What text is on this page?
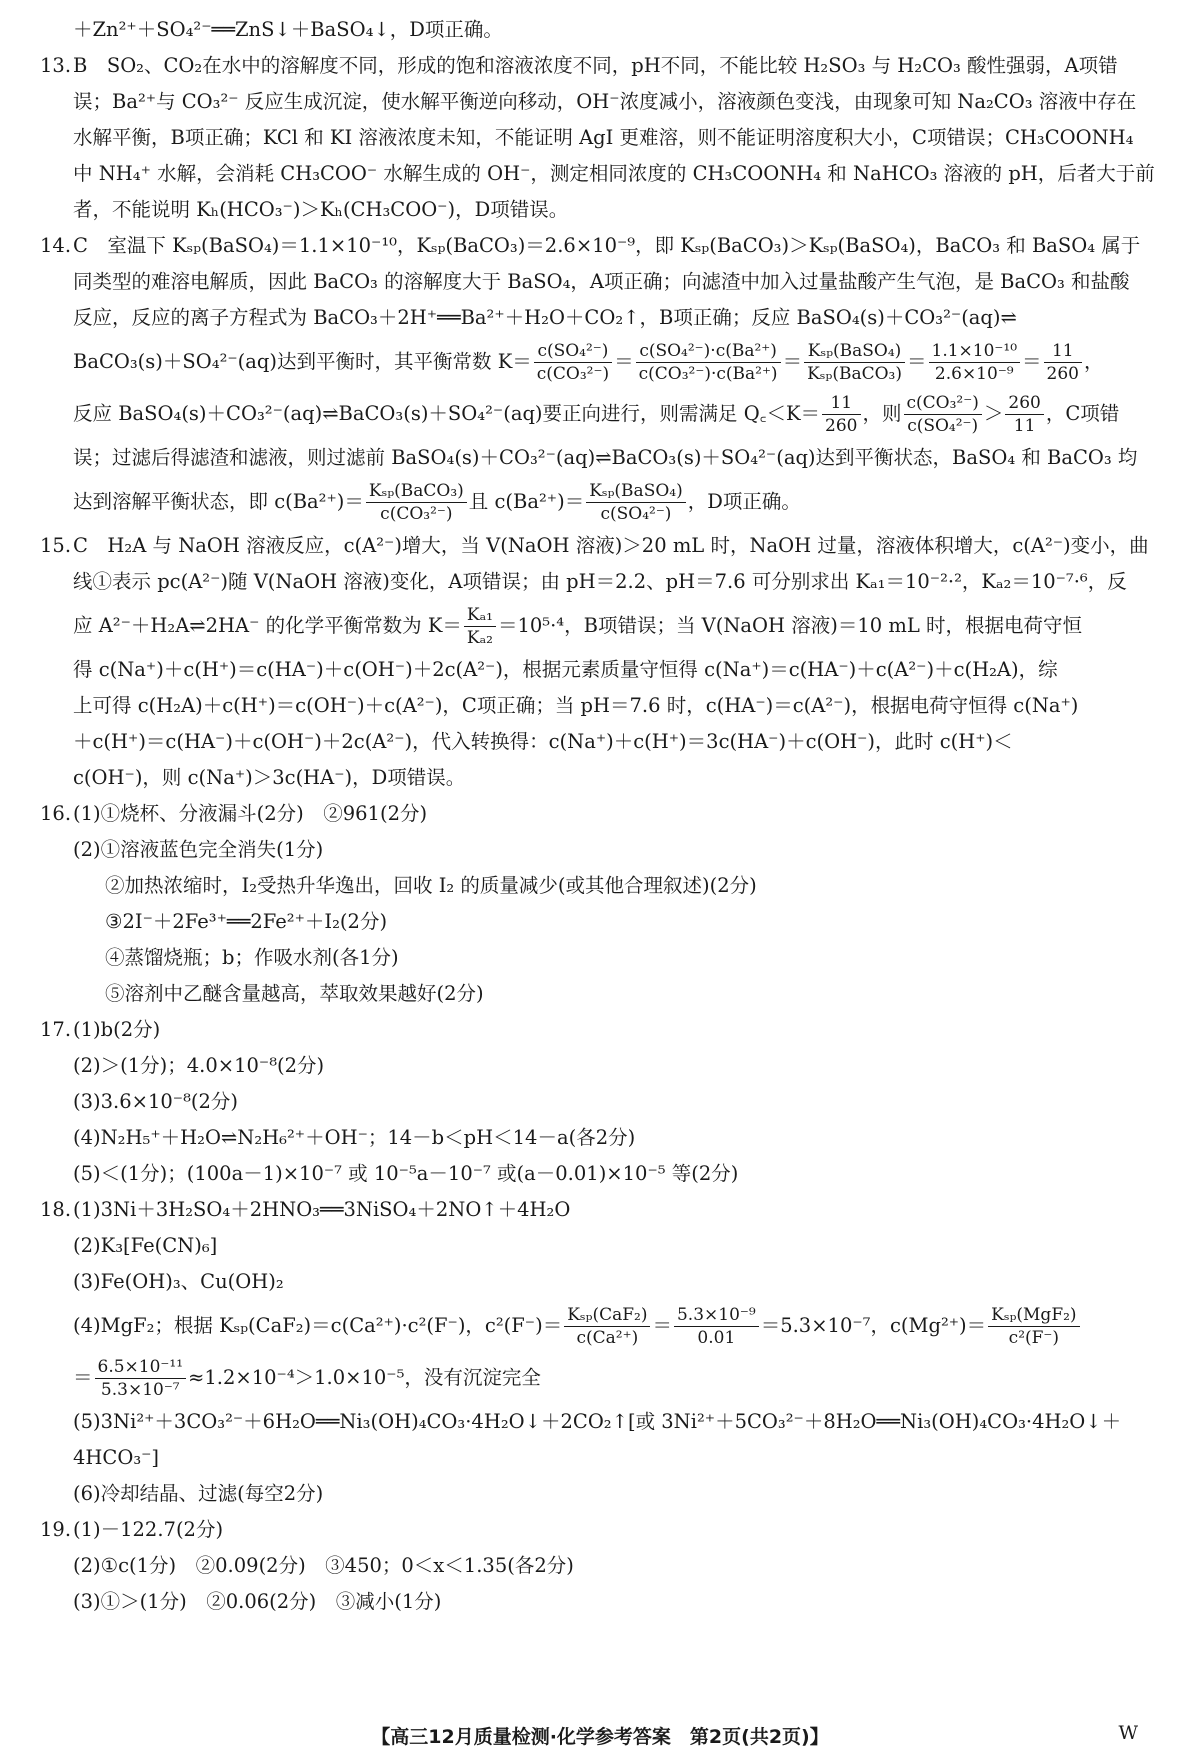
＋Zn²⁺＋SO₄²⁻══ZnS↓＋BaSO₄↓，D项正确。

13. B　SO₂、CO₂在水中的溶解度不同，形成的饱和溶液浓度不同，pH不同，不能比较 H₂SO₃ 与 H₂CO₃ 酸性强弱，A项错

误；Ba²⁺与 CO₃²⁻ 反应生成沉淀，使水解平衡逆向移动，OH⁻浓度减小，溶液颜色变浅，由现象可知 Na₂CO₃ 溶液中存在

水解平衡，B项正确；KCl 和 KI 溶液浓度未知，不能证明 AgI 更难溶，则不能证明溶度积大小，C项错误；CH₃COONH₄

中 NH₄⁺ 水解，会消耗 CH₃COO⁻ 水解生成的 OH⁻，测定相同浓度的 CH₃COONH₄ 和 NaHCO₃ 溶液的 pH，后者大于前

者，不能说明 Kₕ(HCO₃⁻)＞Kₕ(CH₃COO⁻)，D项错误。

14. C　室温下 Kₛₚ(BaSO₄)＝1.1×10⁻¹⁰，Kₛₚ(BaCO₃)＝2.6×10⁻⁹，即 Kₛₚ(BaCO₃)＞Kₛₚ(BaSO₄)，BaCO₃ 和 BaSO₄ 属于

同类型的难溶电解质，因此 BaCO₃ 的溶解度大于 BaSO₄，A项正确；向滤渣中加入过量盐酸产生气泡，是 BaCO₃ 和盐酸

反应，反应的离子方程式为 BaCO₃＋2H⁺══Ba²⁺＋H₂O＋CO₂↑，B项正确；反应 BaSO₄(s)＋CO₃²⁻(aq)⇌

BaCO₃(s)＋SO₄²⁻(aq)达到平衡时，其平衡常数 $K= \frac{\text{c(SO₄²⁻)}}{\text{c(CO₃²⁻)}} = \frac{\text{c(SO₄²⁻)·c(Ba²⁺)}}{\text{c(CO₃²⁻)·c(Ba²⁺)}} = \frac{\text{Kₛₚ(BaSO₄)}}{\text{Kₛₚ(BaCO₃)}} = \frac{\text{1.1×10⁻¹⁰}}{\text{2.6×10⁻⁹}} = \frac{11}{260}$ ，

反应 BaSO₄(s)＋CO₃²⁻(aq)⇌BaCO₃(s)＋SO₄²⁻(aq)要正向进行，则需满足 Q꜀＜K＝ $\frac{11}{260}$ ，则 $\frac{\text{c(CO₃²⁻)}}{\text{c(SO₄²⁻)}} > \frac{260}{11}$ ，C项错

误；过滤后得滤渣和滤液，则过滤前 BaSO₄(s)＋CO₃²⁻(aq)⇌BaCO₃(s)＋SO₄²⁻(aq)达到平衡状态，BaSO₄ 和 BaCO₃ 均

达到溶解平衡状态，即 $c(Ba^{2+})= \frac{\text{Kₛₚ(BaCO₃)}}{\text{c(CO₃²⁻)}}$ 且 $c(Ba^{2+})= \frac{\text{Kₛₚ(BaSO₄)}}{\text{c(SO₄²⁻)}}$ ，D项正确。

15. C　H₂A 与 NaOH 溶液反应，c(A²⁻)增大，当 V(NaOH 溶液)＞20 mL 时，NaOH 过量，溶液体积增大，c(A²⁻)变小，曲

线①表示 pc(A²⁻)随 V(NaOH 溶液)变化，A项错误；由 pH＝2.2、pH＝7.6 可分别求出 Kₐ₁＝10⁻²·²，Kₐ₂＝10⁻⁷·⁶，反

应 A²⁻＋H₂A⇌2HA⁻ 的化学平衡常数为 $K= \frac{\text{Kₐ₁}}{\text{Kₐ₂}} =10^5\cdot^4$，B项错误；当 V(NaOH 溶液)＝10 mL 时，根据电荷守恒

得 c(Na⁺)＋c(H⁺)＝c(HA⁻)＋c(OH⁻)＋2c(A²⁻)，根据元素质量守恒得 c(Na⁺)＝c(HA⁻)＋c(A²⁻)＋c(H₂A)，综

上可得 c(H₂A)＋c(H⁺)＝c(OH⁻)＋c(A²⁻)，C项正确；当 pH＝7.6 时，c(HA⁻)＝c(A²⁻)，根据电荷守恒得 c(Na⁺)

＋c(H⁺)＝c(HA⁻)＋c(OH⁻)＋2c(A²⁻)，代入转换得：c(Na⁺)＋c(H⁺)＝3c(HA⁻)＋c(OH⁻)，此时 c(H⁺)＜

c(OH⁻)，则 c(Na⁺)＞3c(HA⁻)，D项错误。

16. (1)①烧杯、分液漏斗(2分)　②961(2分)

(2)①溶液蓝色完全消失(1分)

②加热浓缩时，I₂受热升华逸出，回收 I₂ 的质量减少(或其他合理叙述)(2分)

③2I⁻＋2Fe³⁺══2Fe²⁺＋I₂(2分)

④蒸馏烧瓶；b；作吸水剂(各1分)

⑤溶剂中乙醚含量越高，萃取效果越好(2分)

17. (1)b(2分)

(2)＞(1分)；4.0×10⁻⁸(2分)

(3)3.6×10⁻⁸(2分)

(4)N₂H₅⁺＋H₂O⇌N₂H₆²⁺＋OH⁻；14－b＜pH＜14－a(各2分)

(5)＜(1分)；(100a－1)×10⁻⁷ 或 10⁻⁵a－10⁻⁷ 或(a－0.01)×10⁻⁵ 等(2分)

18. (1)3Ni＋3H₂SO₄＋2HNO₃══3NiSO₄＋2NO↑＋4H₂O

(2)K₃[Fe(CN)₆]

(3)Fe(OH)₃、Cu(OH)₂

(4)MgF₂；根据 Kₛₚ(CaF₂)＝c(Ca²⁺)·c²(F⁻)，$c^2(F^-)= \frac{\text{Kₛₚ(CaF₂)}}{\text{c(Ca²⁺)}} = \frac{\text{5.3×10⁻⁹}}{0.01} =5.3\times 10^{-7}$，$c(Mg^{2+})= \frac{\text{Kₛₚ(MgF₂)}}{\text{c²(F⁻)}}$

＝ $\frac{\text{6.5×10⁻¹¹}}{\text{5.3×10⁻⁷}} \approx 1.2\times 10^{-4}>1.0\times 10^{-5}$，没有沉淀完全

(5)3Ni²⁺＋3CO₃²⁻＋6H₂O══Ni₃(OH)₄CO₃·4H₂O↓＋2CO₂↑[或 3Ni²⁺＋5CO₃²⁻＋8H₂O══Ni₃(OH)₄CO₃·4H₂O↓＋

4HCO₃⁻]

(6)冷却结晶、过滤(每空2分)

19. (1)－122.7(2分)

(2)①c(1分)　②0.09(2分)　③450；0＜x＜1.35(各2分)

(3)①＞(1分)　②0.06(2分)　③减小(1分)

【高三12月质量检测·化学参考答案　第2页(共2页)】	W
